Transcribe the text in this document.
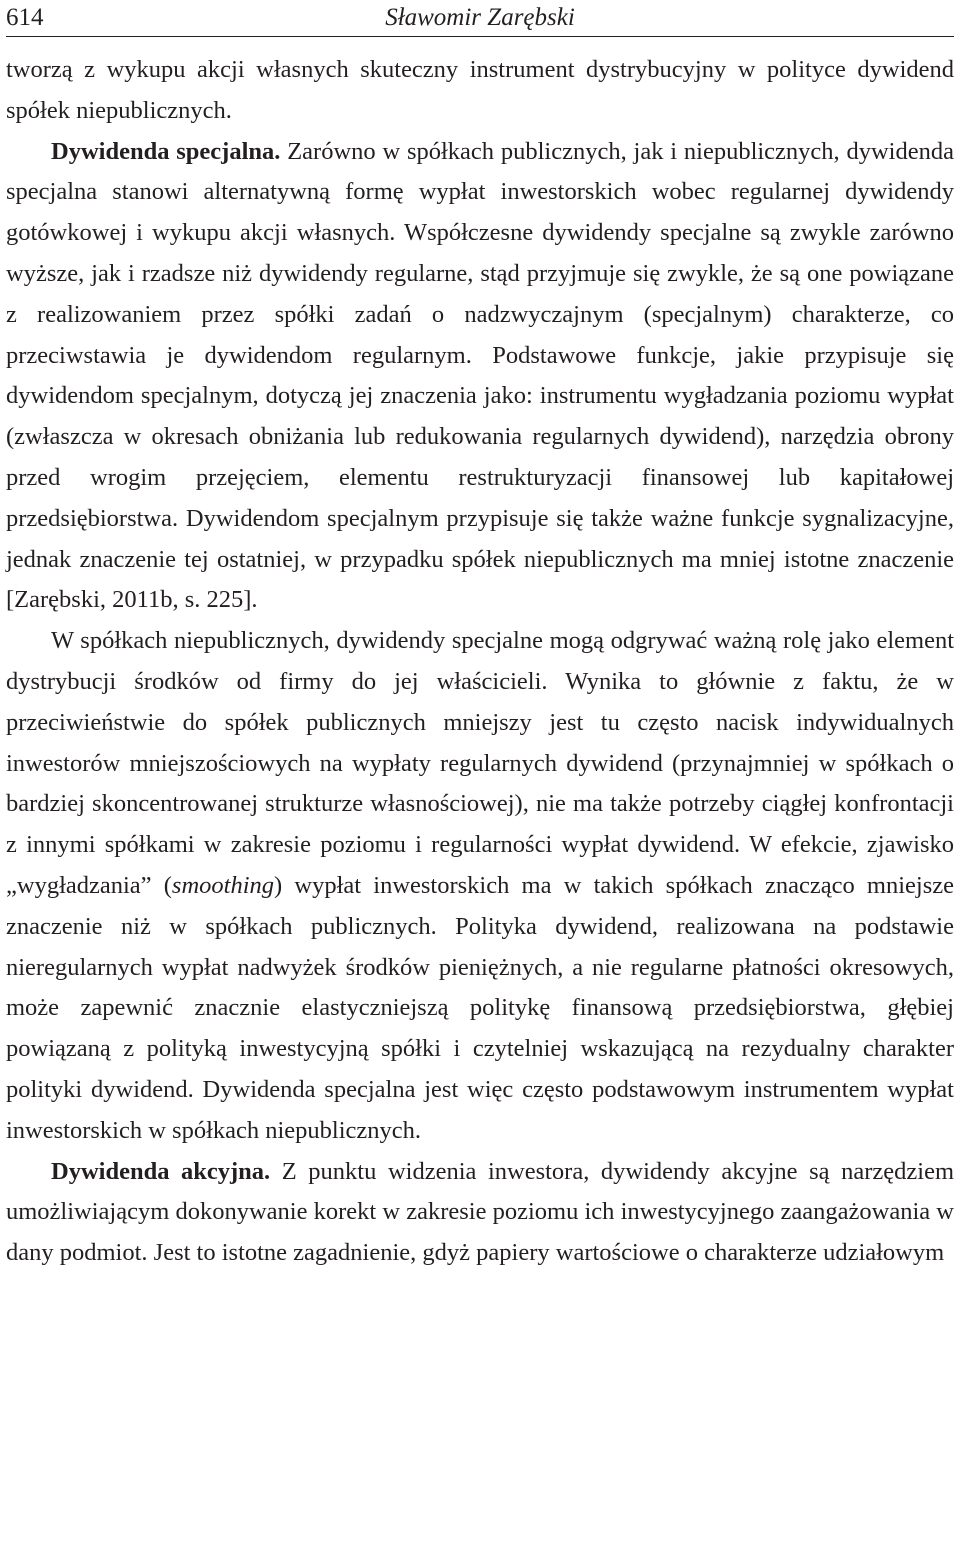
614	Sławomir Zarębski

tworzą z wykupu akcji własnych skuteczny instrument dystrybucyjny w polityce dywidend spółek niepublicznych.

Dywidenda specjalna. Zarówno w spółkach publicznych, jak i niepublicznych, dywidenda specjalna stanowi alternatywną formę wypłat inwestorskich wobec regularnej dywidendy gotówkowej i wykupu akcji własnych. Współczesne dywidendy specjalne są zwykle zarówno wyższe, jak i rzadsze niż dywidendy regularne, stąd przyjmuje się zwykle, że są one powiązane z realizowaniem przez spółki zadań o nadzwyczajnym (specjalnym) charakterze, co przeciwstawia je dywidendom regularnym. Podstawowe funkcje, jakie przypisuje się dywidendom specjalnym, dotyczą jej znaczenia jako: instrumentu wygładzania poziomu wypłat (zwłaszcza w okresach obniżania lub redukowania regularnych dywidend), narzędzia obrony przed wrogim przejęciem, elementu restrukturyzacji finansowej lub kapitałowej przedsiębiorstwa. Dywidendom specjalnym przypisuje się także ważne funkcje sygnalizacyjne, jednak znaczenie tej ostatniej, w przypadku spółek niepublicznych ma mniej istotne znaczenie [Zarębski, 2011b, s. 225].

W spółkach niepublicznych, dywidendy specjalne mogą odgrywać ważną rolę jako element dystrybucji środków od firmy do jej właścicieli. Wynika to głównie z faktu, że w przeciwieństwie do spółek publicznych mniejszy jest tu często nacisk indywidualnych inwestorów mniejszościowych na wypłaty regularnych dywidend (przynajmniej w spółkach o bardziej skoncentrowanej strukturze własnościowej), nie ma także potrzeby ciągłej konfrontacji z innymi spółkami w zakresie poziomu i regularności wypłat dywidend. W efekcie, zjawisko „wygładzania” (smoothing) wypłat inwestorskich ma w takich spółkach znacząco mniejsze znaczenie niż w spółkach publicznych. Polityka dywidend, realizowana na podstawie nieregularnych wypłat nadwyżek środków pieniężnych, a nie regularne płatności okresowych, może zapewnić znacznie elastyczniejszą politykę finansową przedsiębiorstwa, głębiej powiązaną z polityką inwestycyjną spółki i czytelniej wskazującą na rezydualny charakter polityki dywidend. Dywidenda specjalna jest więc często podstawowym instrumentem wypłat inwestorskich w spółkach niepublicznych.

Dywidenda akcyjna. Z punktu widzenia inwestora, dywidendy akcyjne są narzędziem umożliwiającym dokonywanie korekt w zakresie poziomu ich inwestycyjnego zaangażowania w dany podmiot. Jest to istotne zagadnienie, gdyż papiery wartościowe o charakterze udziałowym
